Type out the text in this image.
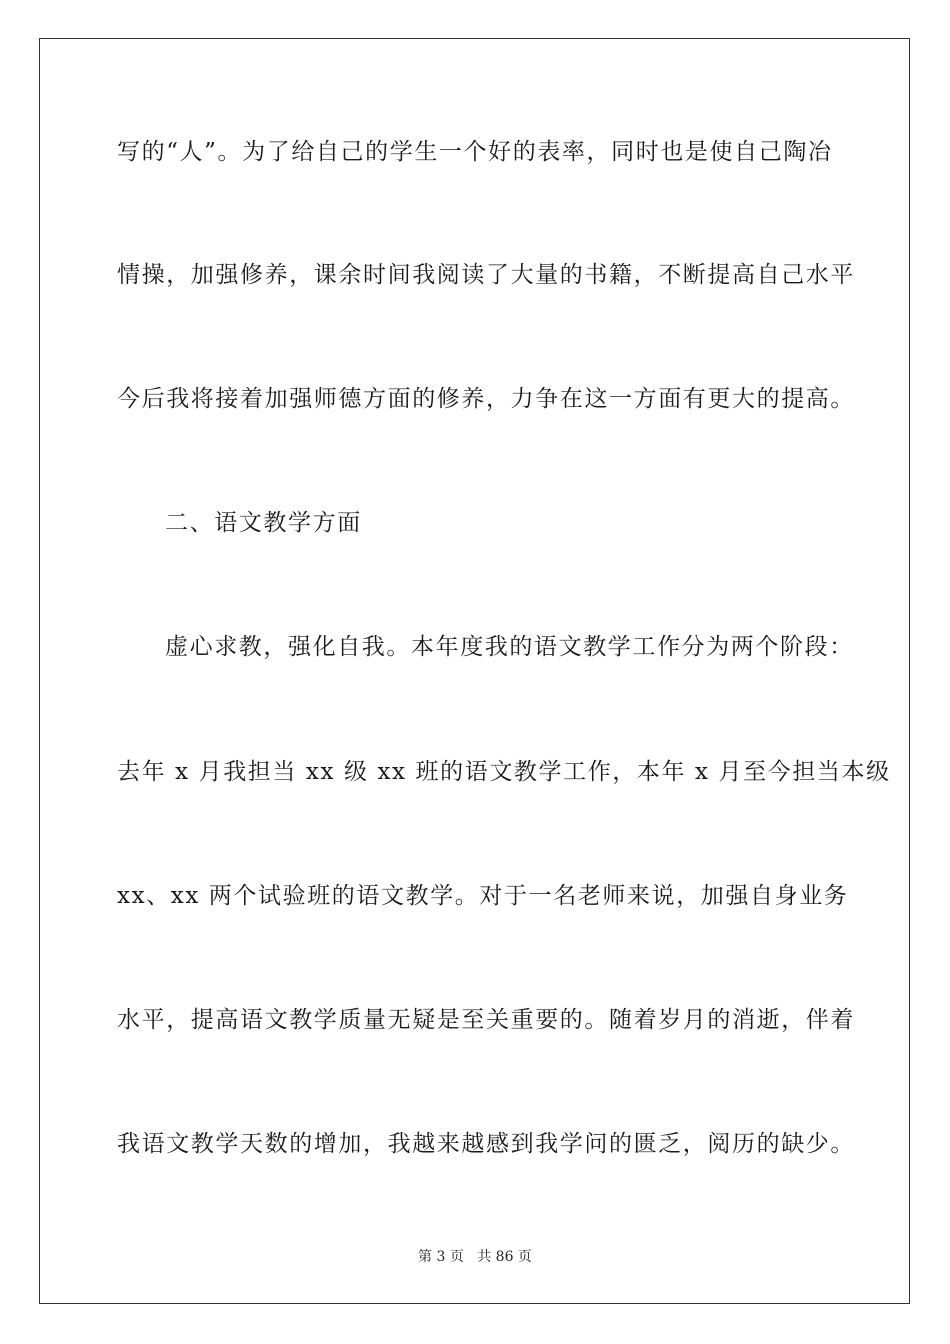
写的“人”。为了给自己的学生一个好的表率，同时也是使自己陶冶
情操，加强修养，课余时间我阅读了大量的书籍，不断提高自己水平
今后我将接着加强师德方面的修养，力争在这一方面有更大的提高。
二、语文教学方面
虚心求教，强化自我。本年度我的语文教学工作分为两个阶段：
去年 x 月我担当 xx 级 xx 班的语文教学工作，本年 x 月至今担当本级
xx、xx 两个试验班的语文教学。对于一名老师来说，加强自身业务
水平，提高语文教学质量无疑是至关重要的。随着岁月的消逝，伴着
我语文教学天数的增加，我越来越感到我学问的匮乏，阅历的缺少。
第 3 页 共 86 页
